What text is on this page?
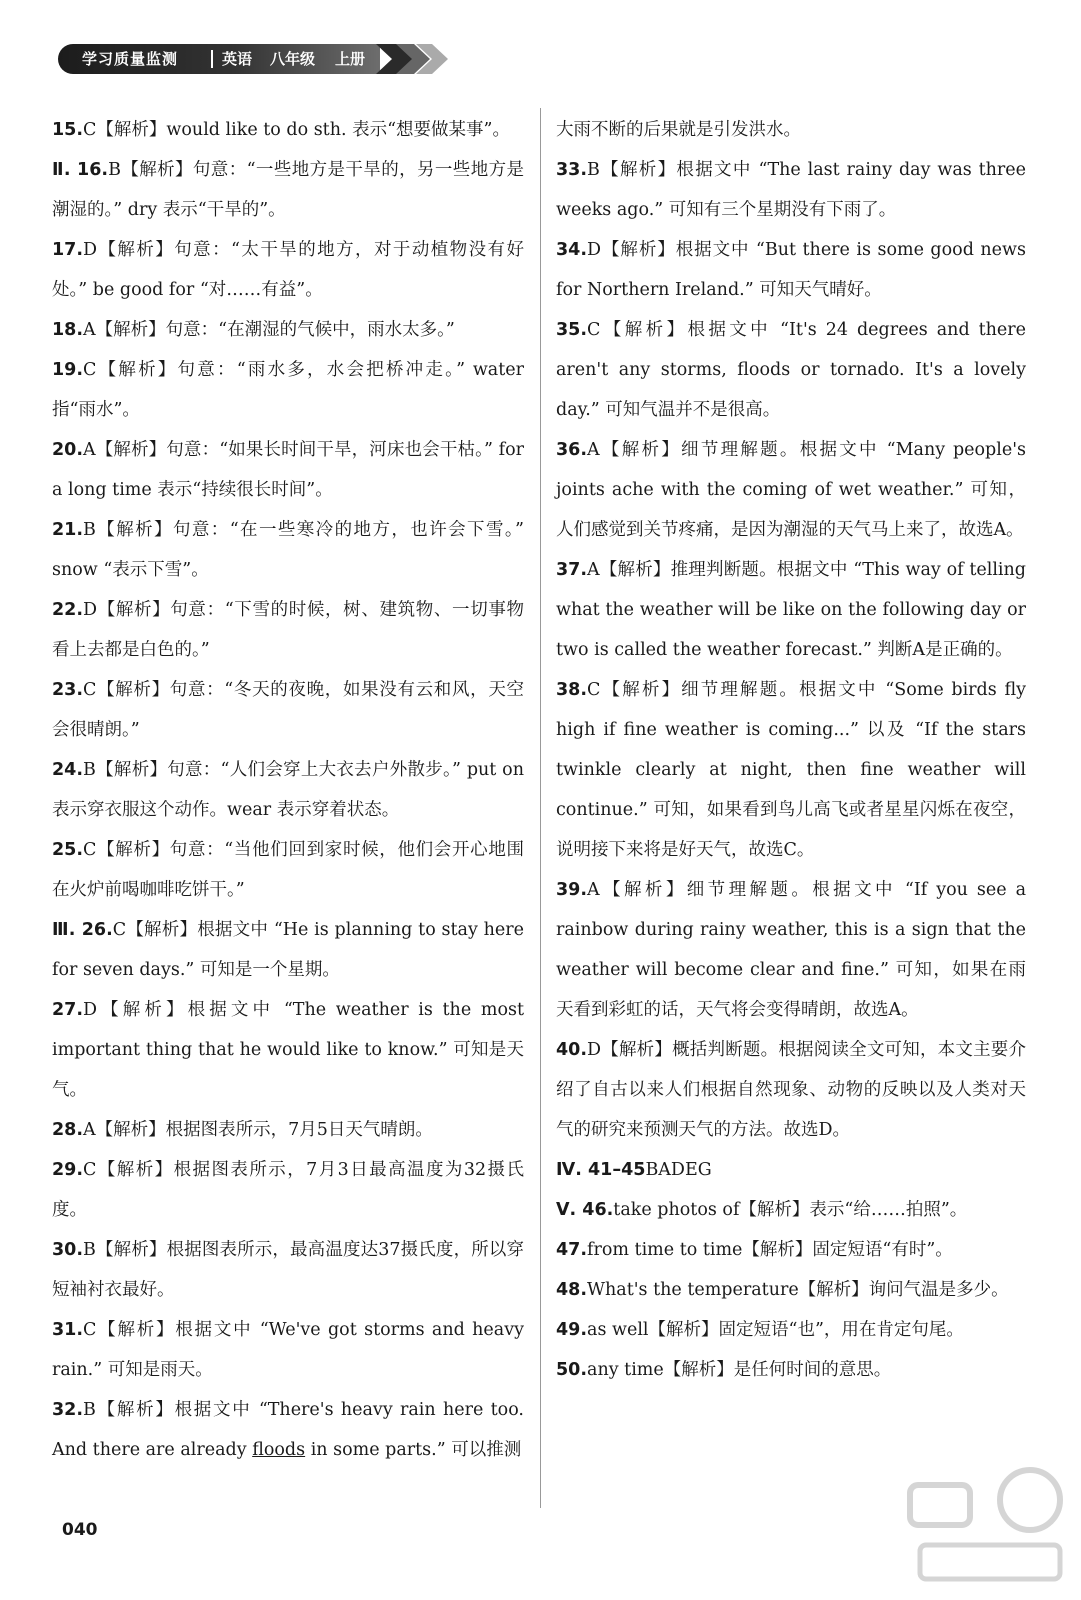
学习质量监测	英语 八年级 上册
15.C【解析】would like to do sth. 表示“想要做某事”。
Ⅱ. 16.B【解析】句意：“一些地方是干旱的，另一些地方是潮湿的。” dry 表示“干旱的”。
17.D【解析】句意：“太干旱的地方，对于动植物没有好处。” be good for “对……有益”。
18.A【解析】句意：“在潮湿的气候中，雨水太多。”
19.C【解析】句意：“雨水多，水会把桥冲走。” water 指“雨水”。
20.A【解析】句意：“如果长时间干旱，河床也会干枯。” for a long time 表示“持续很长时间”。
21.B【解析】句意：“在一些寒冷的地方，也许会下雪。” snow “表示下雪”。
22.D【解析】句意：“下雪的时候，树、建筑物、一切事物看上去都是白色的。”
23.C【解析】句意：“冬天的夜晚，如果没有云和风，天空会很晴朗。”
24.B【解析】句意：“人们会穿上大衣去户外散步。” put on 表示穿衣服这个动作。wear 表示穿着状态。
25.C【解析】句意：“当他们回到家时候，他们会开心地围在火炉前喝咖啡吃饼干。”
Ⅲ. 26.C【解析】根据文中 “He is planning to stay here for seven days.” 可知是一个星期。
27.D【解析】根据文中 “The weather is the most important thing that he would like to know.” 可知是天气。
28.A【解析】根据图表所示，7月5日天气晴朗。
29.C【解析】根据图表所示，7月3日最高温度为32摄氏度。
30.B【解析】根据图表所示，最高温度达37摄氏度，所以穿短袖衬衣最好。
31.C【解析】根据文中 “We've got storms and heavy rain.” 可知是雨天。
32.B【解析】根据文中 “There's heavy rain here too. And there are already floods in some parts.” 可以推测
大雨不断的后果就是引发洪水。
33.B【解析】根据文中 “The last rainy day was three weeks ago.” 可知有三个星期没有下雨了。
34.D【解析】根据文中 “But there is some good news for Northern Ireland.” 可知天气晴好。
35.C【解析】根据文中 “It's 24 degrees and there aren't any storms, floods or tornado. It's a lovely day.” 可知气温并不是很高。
36.A【解析】细节理解题。根据文中 “Many people's joints ache with the coming of wet weather.” 可知，人们感觉到关节疼痛，是因为潮湿的天气马上来了，故选A。
37.A【解析】推理判断题。根据文中 “This way of telling what the weather will be like on the following day or two is called the weather forecast.” 判断A是正确的。
38.C【解析】细节理解题。根据文中 “Some birds fly high if fine weather is coming...” 以及 “If the stars twinkle clearly at night, then fine weather will continue.” 可知，如果看到鸟儿高飞或者星星闪烁在夜空，说明接下来将是好天气，故选C。
39.A【解析】细节理解题。根据文中 “If you see a rainbow during rainy weather, this is a sign that the weather will become clear and fine.” 可知，如果在雨天看到彩虹的话，天气将会变得晴朗，故选A。
40.D【解析】概括判断题。根据阅读全文可知，本文主要介绍了自古以来人们根据自然现象、动物的反映以及人类对天气的研究来预测天气的方法。故选D。
Ⅳ. 41–45BADEG
Ⅴ. 46.take photos of【解析】表示“给……拍照”。
47.from time to time【解析】固定短语“有时”。
48.What's the temperature【解析】询问气温是多少。
49.as well【解析】固定短语“也”，用在肯定句尾。
50.any time【解析】是任何时间的意思。
040
